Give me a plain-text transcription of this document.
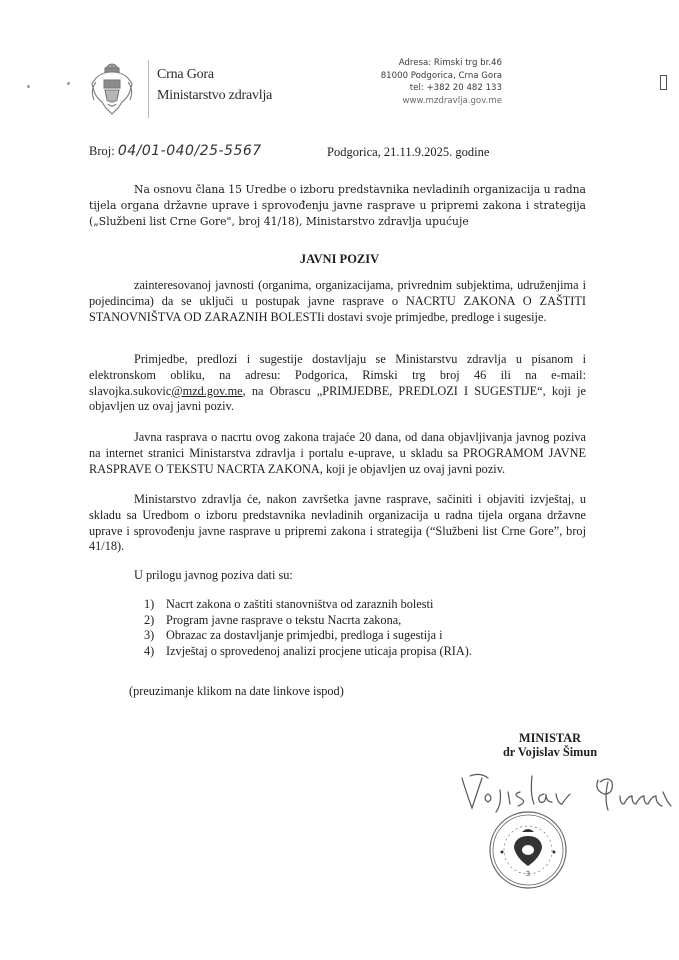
Crna Gora
Ministarstvo zdravlja
Adresa: Rimski trg br.46
81000 Podgorica, Crna Gora
tel: +382 20 482 133
www.mzdravlja.gov.me
Broj: 04/01-040/25-5567	Podgorica, 21.11.9.2025. godine
Na osnovu člana 15 Uredbe o izboru predstavnika nevladinih organizacija u radna tijela organa državne uprave i sprovođenju javne rasprave u pripremi zakona i strategija („Službeni list Crne Gore", broj 41/18), Ministarstvo zdravlja upućuje
JAVNI POZIV
zainteresovanoj javnosti (organima, organizacijama, privrednim subjektima, udruženjima i pojedincima) da se uključi u postupak javne rasprave o NACRTU ZAKONA O ZAŠTITI STANOVNIŠTVA OD ZARAZNIH BOLESTIi dostavi svoje primjedbe, predloge i sugesije.
Primjedbe, predlozi i sugestije dostavljaju se Ministarstvu zdravlja u pisanom i elektronskom obliku, na adresu: Podgorica, Rimski trg broj 46 ili na e-mail: slavojka.sukovic@mzd.gov.me, na Obrascu „PRIMJEDBE, PREDLOZI I SUGESTIJE“, koji je objavljen uz ovaj javni poziv.
Javna rasprava o nacrtu ovog zakona trajaće 20 dana, od dana objavljivanja javnog poziva na internet stranici Ministarstva zdravlja i portalu e-uprave, u skladu sa PROGRAMOM JAVNE RASPRAVE O TEKSTU NACRTA ZAKONA, koji je objavljen uz ovaj javni poziv.
Ministarstvo zdravlja će, nakon završetka javne rasprave, sačiniti i objaviti izvještaj, u skladu sa Uredbom o izboru predstavnika nevladinih organizacija u radna tijela organa državne uprave i sprovođenju javne rasprave u pripremi zakona i strategija (“Službeni list Crne Gore”, broj 41/18).
U prilogu javnog poziva dati su:
1) Nacrt zakona o zaštiti stanovništva od zaraznih bolesti
2) Program javne rasprave o tekstu Nacrta zakona,
3) Obrazac za dostavljanje primjedbi, predloga i sugestija i
4) Izvještaj o sprovedenoj analizi procjene uticaja propisa (RIA).
(preuzimanje klikom na date linkove ispod)
MINISTAR
dr Vojislav Šimun
3
